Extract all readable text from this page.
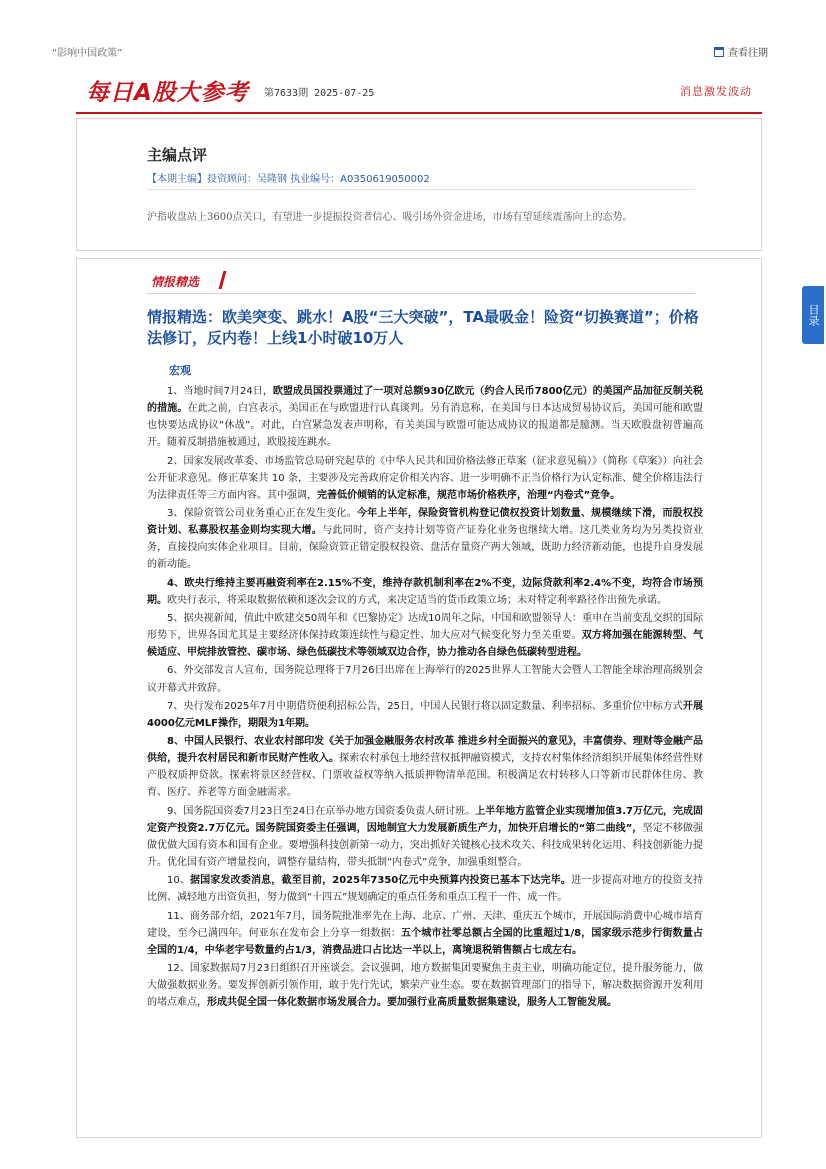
“影响中国政策”	查看往期
每日A股大参考 第7633期 2025-07-25	消息激发波动
主编点评
【本期主编】投资顾问：吴隆钢 执业编号：A0350619050002
沪指收盘站上3600点关口，有望进一步提振投资者信心、吸引场外资金进场，市场有望延续震荡向上的态势。
情报精选
情报精选：欧美突变、跳水！A股“三大突破”，TA最吸金！险资“切换赛道”；价格法修订，反内卷！上线1小时破10万人
宏观

1、当地时间7月24日，欧盟成员国投票通过了一项对总额930亿欧元（约合人民币7800亿元）的美国产品加征反制关税的措施。在此之前，白宫表示，美国正在与欧盟进行认真谈判。另有消息称，在美国与日本达成贸易协议后，美国可能和欧盟也快要达成协议“休战”。对此，白宫紧急发表声明称，有关美国与欧盟可能达成协议的报道都是臆测。当天欧股盘初普遍高开。随着反制措施被通过，欧股接连跳水。

2、国家发展改革委、市场监管总局研究起草的《中华人民共和国价格法修正草案（征求意见稿）》（简称《草案》）向社会公开征求意见。修正草案共 10 条，主要涉及完善政府定价相关内容、进一步明确不正当价格行为认定标准、健全价格违法行为法律责任等三方面内容。其中强调，完善低价倾销的认定标准，规范市场价格秩序，治理“内卷式”竞争。

3、保险资管公司业务重心正在发生变化。今年上半年，保险资管机构登记债权投资计划数量、规模继续下滑，而股权投资计划、私募股权基金则均实现大增。与此同时，资产支持计划等资产证券化业务也继续大增。这几类业务均为另类投资业务，直接投向实体企业项目。目前，保险资管正错定股权投资、盘活存量资产两大领域，既助力经济新动能，也提升自身发展的新动能。

4、欧央行维持主要再融资利率在2.15%不变，维持存款机制利率在2%不变，边际贷款利率2.4%不变，均符合市场预期。欧央行表示，将采取数据依赖和逐次会议的方式，来决定适当的货币政策立场；未对特定利率路径作出预先承诺。

5、据央视新闻，值此中欧建交50周年和《巴黎协定》达成10周年之际，中国和欧盟领导人：重申在当前变乱交织的国际形势下，世界各国尤其是主要经济体保持政策连续性与稳定性、加大应对气候变化努力至关重要。双方将加强在能源转型、气候适应、甲烷排放管控、碳市场、绿色低碳技术等领域双边合作，协力推动各自绿色低碳转型进程。

6、外交部发言人宣布，国务院总理将于7月26日出席在上海举行的2025世界人工智能大会暨人工智能全球治理高级别会议开幕式并致辞。

7、央行发布2025年7月中期借贷便利招标公告，25日，中国人民银行将以固定数量、利率招标、多重价位中标方式开展4000亿元MLF操作，期限为1年期。

8、中国人民银行、农业农村部印发《关于加强金融服务农村改革 推进乡村全面振兴的意见》，丰富债券、理财等金融产品供给，提升农村居民和新市民财产性收入。探索农村承包土地经营权抵押融资模式，支持农村集体经济组织开展集体经营性财产股权质押贷款。探索将景区经营权、门票收益权等纳入抵质押物清单范围。积极满足农村转移人口等新市民群体住房、教育、医疗、养老等方面金融需求。

9、国务院国资委7月23日至24日在京举办地方国资委负责人研讨班。上半年地方监管企业实现增加值3.7万亿元，完成固定资产投资2.7万亿元。国务院国资委主任强调，因地制宜大力发展新质生产力，加快开启增长的“第二曲线”，坚定不移做强做优做大国有资本和国有企业。要增强科技创新第一动力，突出抓好关键核心技术攻关、科技成果转化运用、科技创新能力提升。优化国有资产增量投向，调整存量结构，带头抵制“内卷式”竞争，加强重组整合。

10、据国家发改委消息，截至目前，2025年7350亿元中央预算内投资已基本下达完毕。进一步提高对地方的投资支持比例、减轻地方出资负担，努力做到“十四五”规划确定的重点任务和重点工程干一件、成一件。

11、商务部介绍，2021年7月，国务院批准率先在上海、北京、广州、天津、重庆五个城市，开展国际消费中心城市培育建设，至今已满四年。何亚东在发布会上分享一组数据：五个城市社零总额占全国的比重超过1/8，国家级示范步行街数量占全国的1/4，中华老字号数量约占1/3，消费品进口占比达一半以上，离境退税销售额占七成左右。

12、国家数据局7月23日组织召开座谈会。会议强调，地方数据集团要聚焦主责主业，明确功能定位，提升服务能力，做大做强数据业务。要发挥创新引领作用，敢于先行先试，繁荣产业生态。要在数据管理部门的指导下，解决数据资源开发利用的堵点难点，形成共促全国一体化数据市场发展合力。要加强行业高质量数据集建设，服务人工智能发展。

目录
